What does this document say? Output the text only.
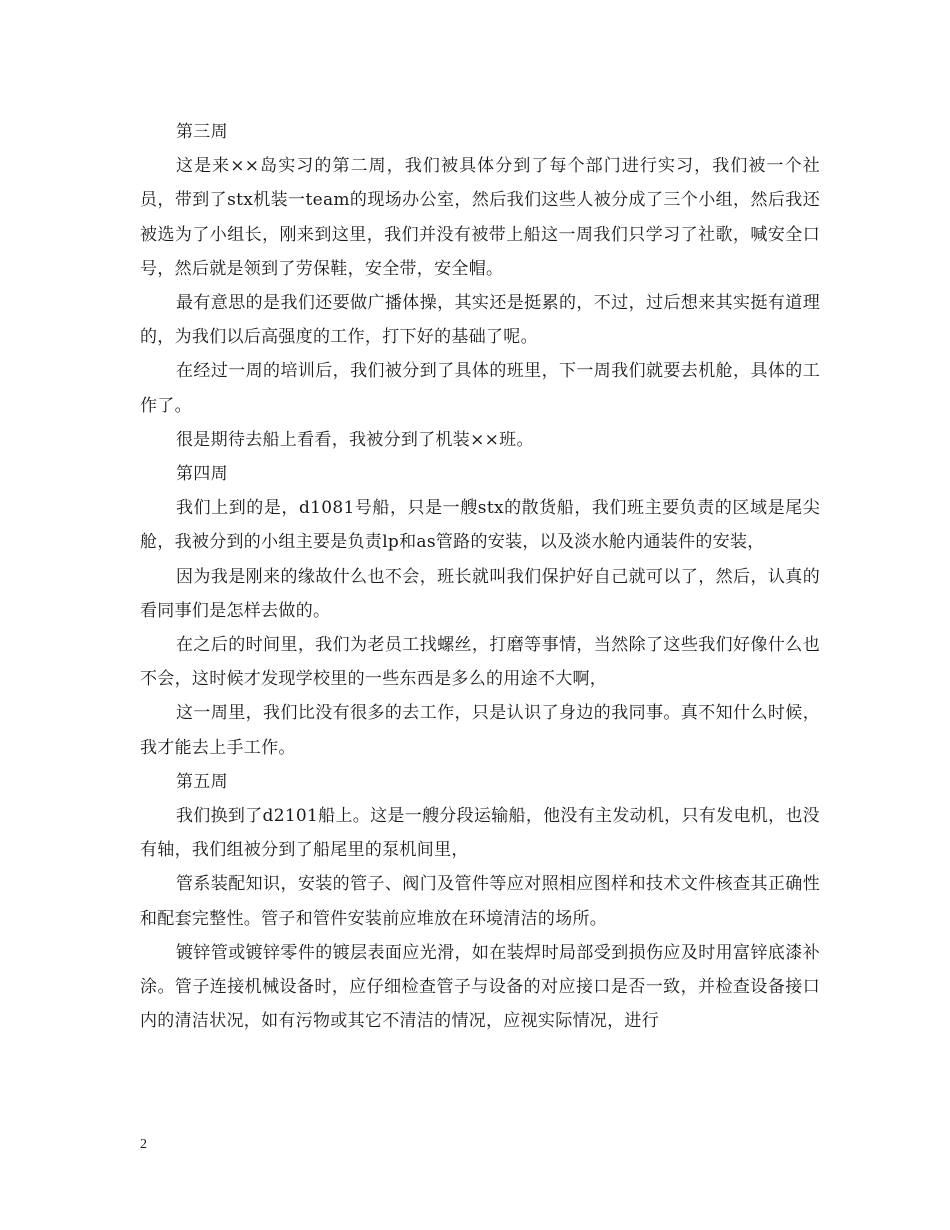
第三周

这是来××岛实习的第二周，我们被具体分到了每个部门进行实习，我们被一个社员，带到了stx机装一team的现场办公室，然后我们这些人被分成了三个小组，然后我还被选为了小组长，刚来到这里，我们并没有被带上船这一周我们只学习了社歌，喊安全口号，然后就是领到了劳保鞋，安全带，安全帽。

最有意思的是我们还要做广播体操，其实还是挺累的，不过，过后想来其实挺有道理的，为我们以后高强度的工作，打下好的基础了呢。

在经过一周的培训后，我们被分到了具体的班里，下一周我们就要去机舱，具体的工作了。

很是期待去船上看看，我被分到了机装××班。

第四周

我们上到的是，d1081号船，只是一艘stx的散货船，我们班主要负责的区域是尾尖舱，我被分到的小组主要是负责lp和as管路的安装，以及淡水舱内通装件的安装，

因为我是刚来的缘故什么也不会，班长就叫我们保护好自己就可以了，然后，认真的看同事们是怎样去做的。

在之后的时间里，我们为老员工找螺丝，打磨等事情，当然除了这些我们好像什么也不会，这时候才发现学校里的一些东西是多么的用途不大啊，

这一周里，我们比没有很多的去工作，只是认识了身边的我同事。真不知什么时候，我才能去上手工作。

第五周

我们换到了d2101船上。这是一艘分段运输船，他没有主发动机，只有发电机，也没有轴，我们组被分到了船尾里的泵机间里，

管系装配知识，安装的管子、阀门及管件等应对照相应图样和技术文件核查其正确性和配套完整性。管子和管件安装前应堆放在环境清洁的场所。

镀锌管或镀锌零件的镀层表面应光滑，如在装焊时局部受到损伤应及时用富锌底漆补涂。管子连接机械设备时，应仔细检查管子与设备的对应接口是否一致，并检查设备接口内的清洁状况，如有污物或其它不清洁的情况，应视实际情况，进行

2
